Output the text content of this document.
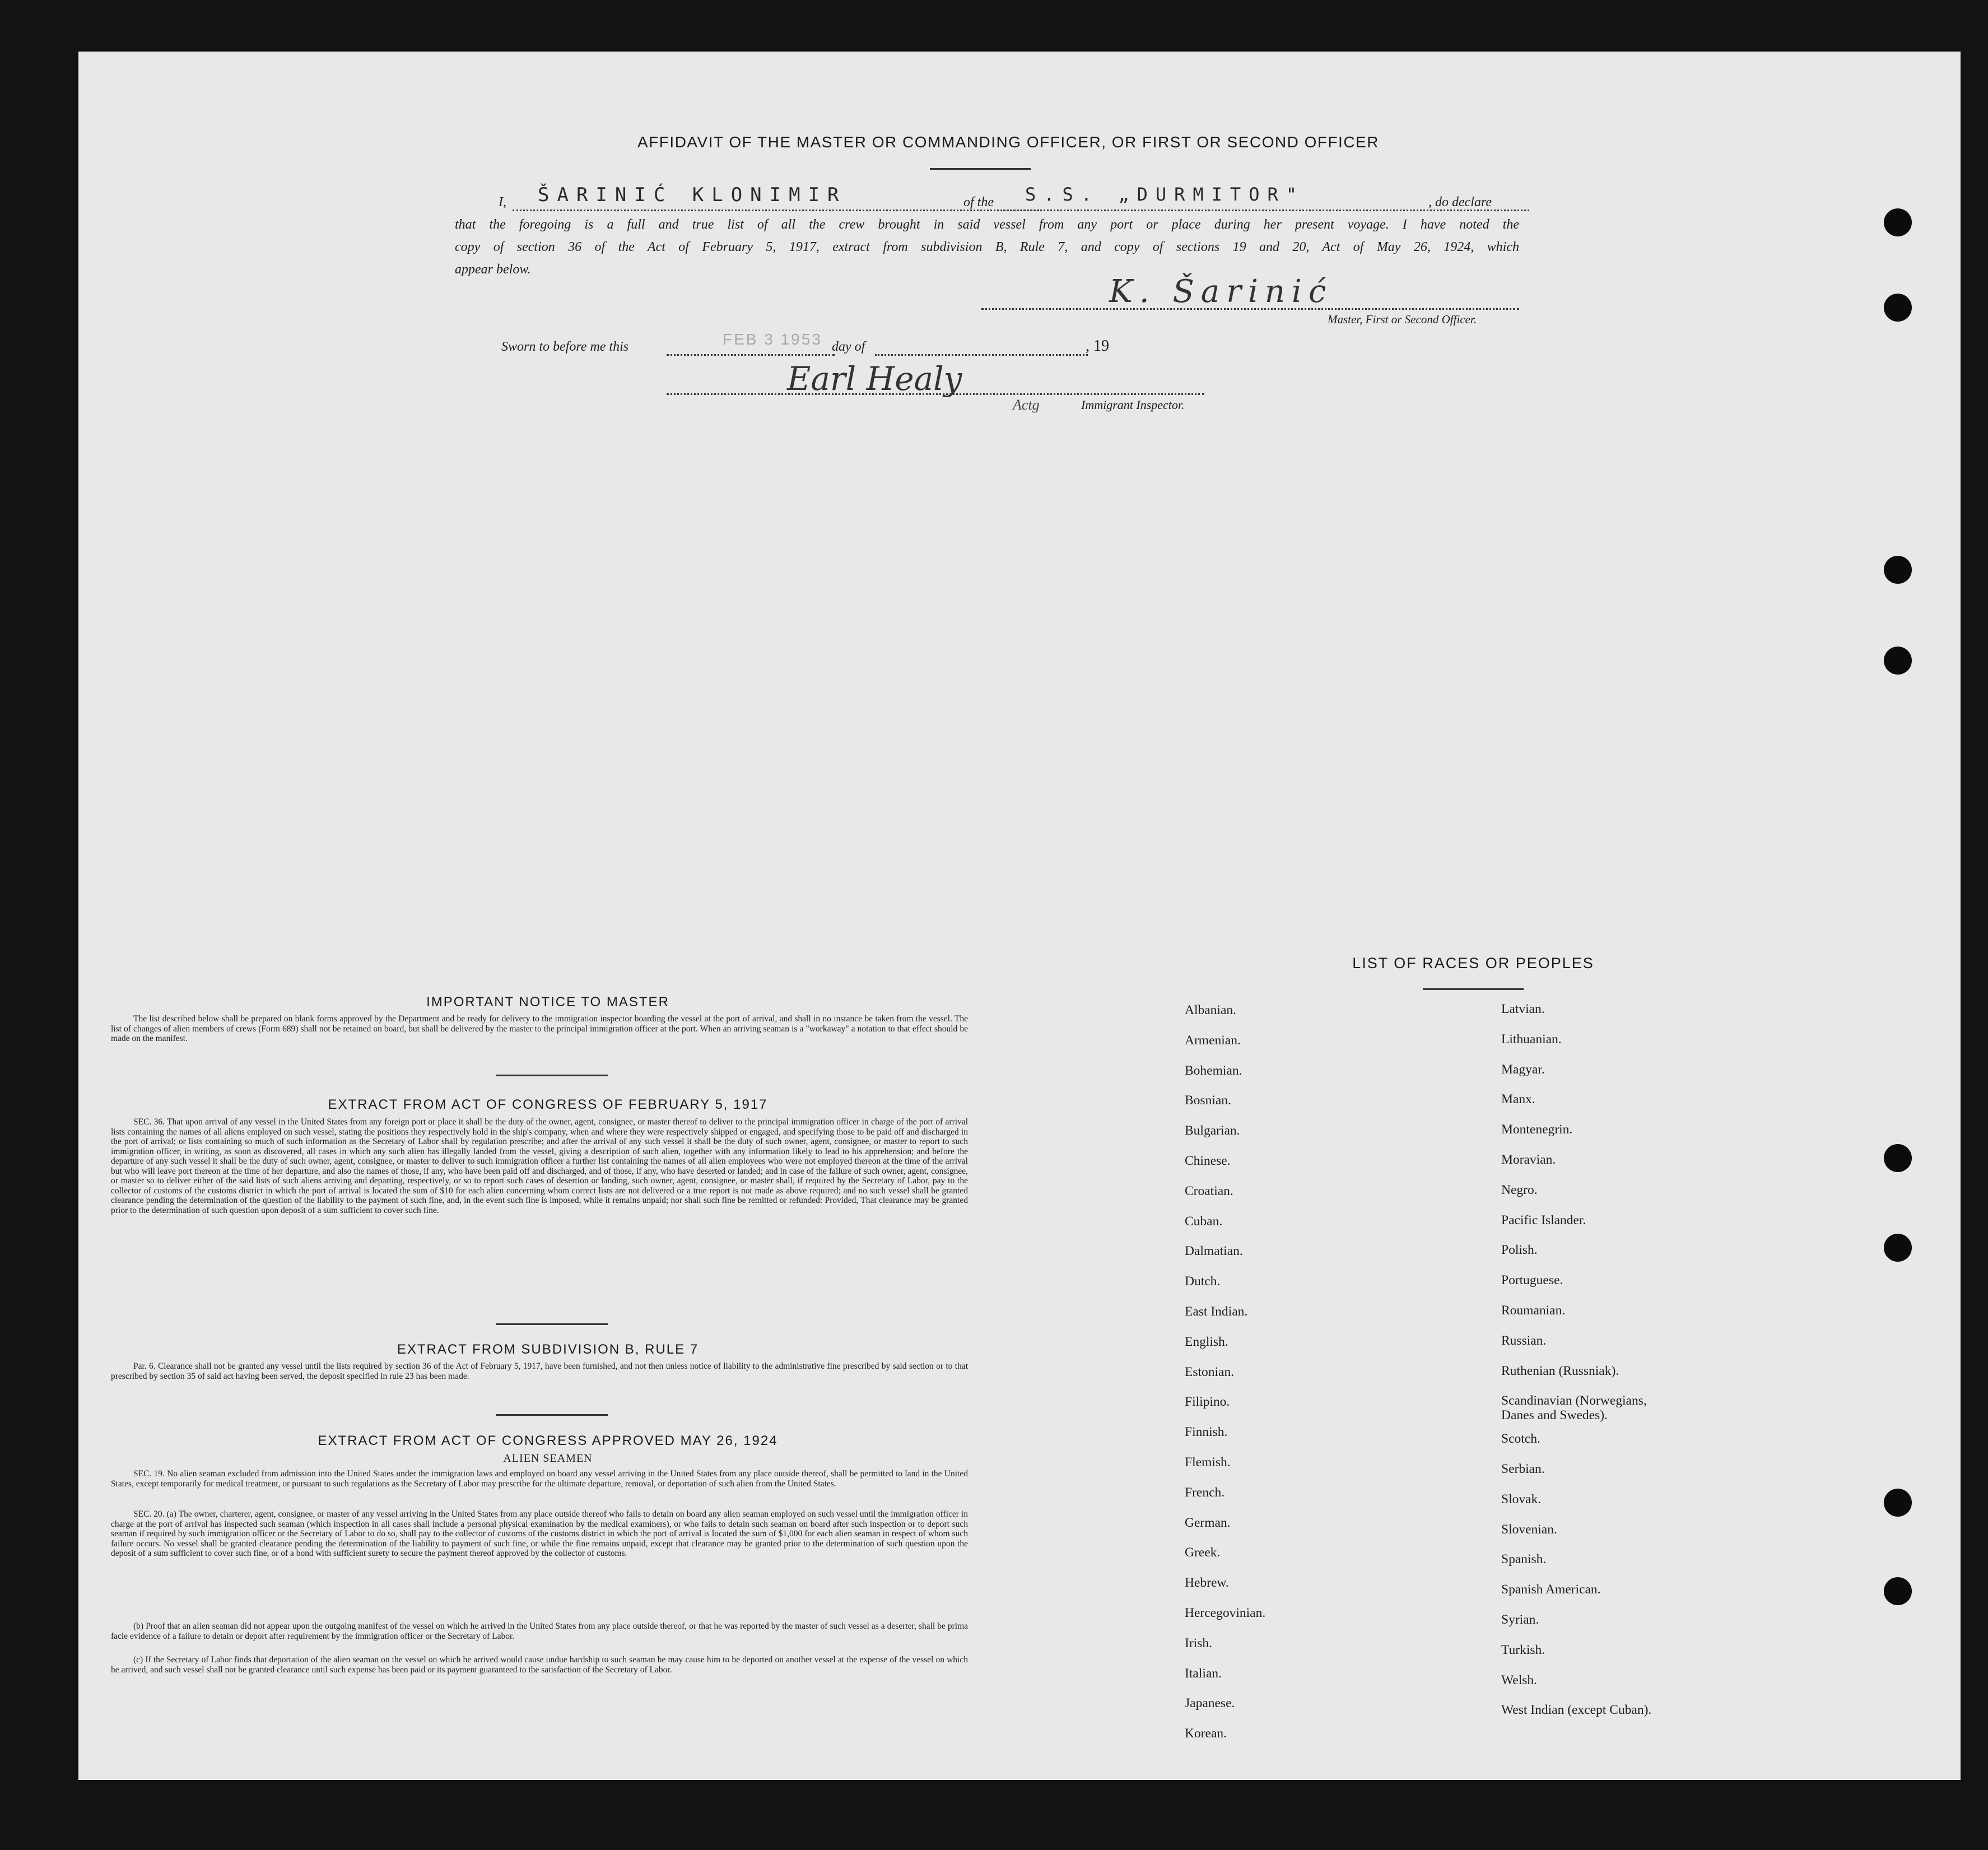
AFFIDAVIT OF THE MASTER OR COMMANDING OFFICER, OR FIRST OR SECOND OFFICER
I, ŠARINIĆ KLONIMIR	of the S.S. „DURMITOR"	, do declare
that the foregoing is a full and true list of all the crew brought in said vessel from any port or place during her present voyage. I have noted the
copy of section 36 of the Act of February 5, 1917, extract from subdivision B, Rule 7, and copy of sections 19 and 20, Act of May 26, 1924, which
appear below.
K. Šarinić
Master, First or Second Officer.
Sworn to before me this	FEB 3 1953 day of	, 19
Earl Healy
Actg	Immigrant Inspector.
IMPORTANT NOTICE TO MASTER
The list described below shall be prepared on blank forms approved by the Department and be ready for delivery to the immigration inspector boarding the vessel at the port of arrival, and shall in no instance be taken from the vessel. The list of changes of alien members of crews (Form 689) shall not be retained on board, but shall be delivered by the master to the principal immigration officer at the port. When an arriving seaman is a "workaway" a notation to that effect should be made on the manifest.
EXTRACT FROM ACT OF CONGRESS OF FEBRUARY 5, 1917
SEC. 36. That upon arrival of any vessel in the United States from any foreign port or place it shall be the duty of the owner, agent, consignee, or master thereof to deliver to the principal immigration officer in charge of the port of arrival lists containing the names of all aliens employed on such vessel, stating the positions they respectively hold in the ship's company, when and where they were respectively shipped or engaged, and specifying those to be paid off and discharged in the port of arrival; or lists containing so much of such information as the Secretary of Labor shall by regulation prescribe; and after the arrival of any such vessel it shall be the duty of such owner, agent, consignee, or master to report to such immigration officer, in writing, as soon as discovered, all cases in which any such alien has illegally landed from the vessel, giving a description of such alien, together with any information likely to lead to his apprehension; and before the departure of any such vessel it shall be the duty of such owner, agent, consignee, or master to deliver to such immigration officer a further list containing the names of all alien employees who were not employed thereon at the time of the arrival but who will leave port thereon at the time of her departure, and also the names of those, if any, who have been paid off and discharged, and of those, if any, who have deserted or landed; and in case of the failure of such owner, agent, consignee, or master so to deliver either of the said lists of such aliens arriving and departing, respectively, or so to report such cases of desertion or landing, such owner, agent, consignee, or master shall, if required by the Secretary of Labor, pay to the collector of customs of the customs district in which the port of arrival is located the sum of $10 for each alien concerning whom correct lists are not delivered or a true report is not made as above required; and no such vessel shall be granted clearance pending the determination of the question of the liability to the payment of such fine, and, in the event such fine is imposed, while it remains unpaid; nor shall such fine be remitted or refunded: Provided, That clearance may be granted prior to the determination of such question upon deposit of a sum sufficient to cover such fine.
EXTRACT FROM SUBDIVISION B, RULE 7
Par. 6. Clearance shall not be granted any vessel until the lists required by section 36 of the Act of February 5, 1917, have been furnished, and not then unless notice of liability to the administrative fine prescribed by said section or to that prescribed by section 35 of said act having been served, the deposit specified in rule 23 has been made.
EXTRACT FROM ACT OF CONGRESS APPROVED MAY 26, 1924
ALIEN SEAMEN
SEC. 19. No alien seaman excluded from admission into the United States under the immigration laws and employed on board any vessel arriving in the United States from any place outside thereof, shall be permitted to land in the United States, except temporarily for medical treatment, or pursuant to such regulations as the Secretary of Labor may prescribe for the ultimate departure, removal, or deportation of such alien from the United States.
SEC. 20. (a) The owner, charterer, agent, consignee, or master of any vessel arriving in the United States from any place outside thereof who fails to detain on board any alien seaman employed on such vessel until the immigration officer in charge at the port of arrival has inspected such seaman (which inspection in all cases shall include a personal physical examination by the medical examiners), or who fails to detain such seaman on board after such inspection or to deport such seaman if required by such immigration officer or the Secretary of Labor to do so, shall pay to the collector of customs of the customs district in which the port of arrival is located the sum of $1,000 for each alien seaman in respect of whom such failure occurs. No vessel shall be granted clearance pending the determination of the liability to payment of such fine, or while the fine remains unpaid, except that clearance may be granted prior to the determination of such question upon the deposit of a sum sufficient to cover such fine, or of a bond with sufficient surety to secure the payment thereof approved by the collector of customs.
(b) Proof that an alien seaman did not appear upon the outgoing manifest of the vessel on which he arrived in the United States from any place outside thereof, or that he was reported by the master of such vessel as a deserter, shall be prima facie evidence of a failure to detain or deport after requirement by the immigration officer or the Secretary of Labor.
(c) If the Secretary of Labor finds that deportation of the alien seaman on the vessel on which he arrived would cause undue hardship to such seaman he may cause him to be deported on another vessel at the expense of the vessel on which he arrived, and such vessel shall not be granted clearance until such expense has been paid or its payment guaranteed to the satisfaction of the Secretary of Labor.
LIST OF RACES OR PEOPLES
Albanian.
Armenian.
Bohemian.
Bosnian.
Bulgarian.
Chinese.
Croatian.
Cuban.
Dalmatian.
Dutch.
East Indian.
English.
Estonian.
Filipino.
Finnish.
Flemish.
French.
German.
Greek.
Hebrew.
Hercegovinian.
Irish.
Italian.
Japanese.
Korean.
Latvian.
Lithuanian.
Magyar.
Manx.
Montenegrin.
Moravian.
Negro.
Pacific Islander.
Polish.
Portuguese.
Roumanian.
Russian.
Ruthenian (Russniak).
Scandinavian (Norwegians, Danes and Swedes).
Scotch.
Serbian.
Slovak.
Slovenian.
Spanish.
Spanish American.
Syrian.
Turkish.
Welsh.
West Indian (except Cuban).
